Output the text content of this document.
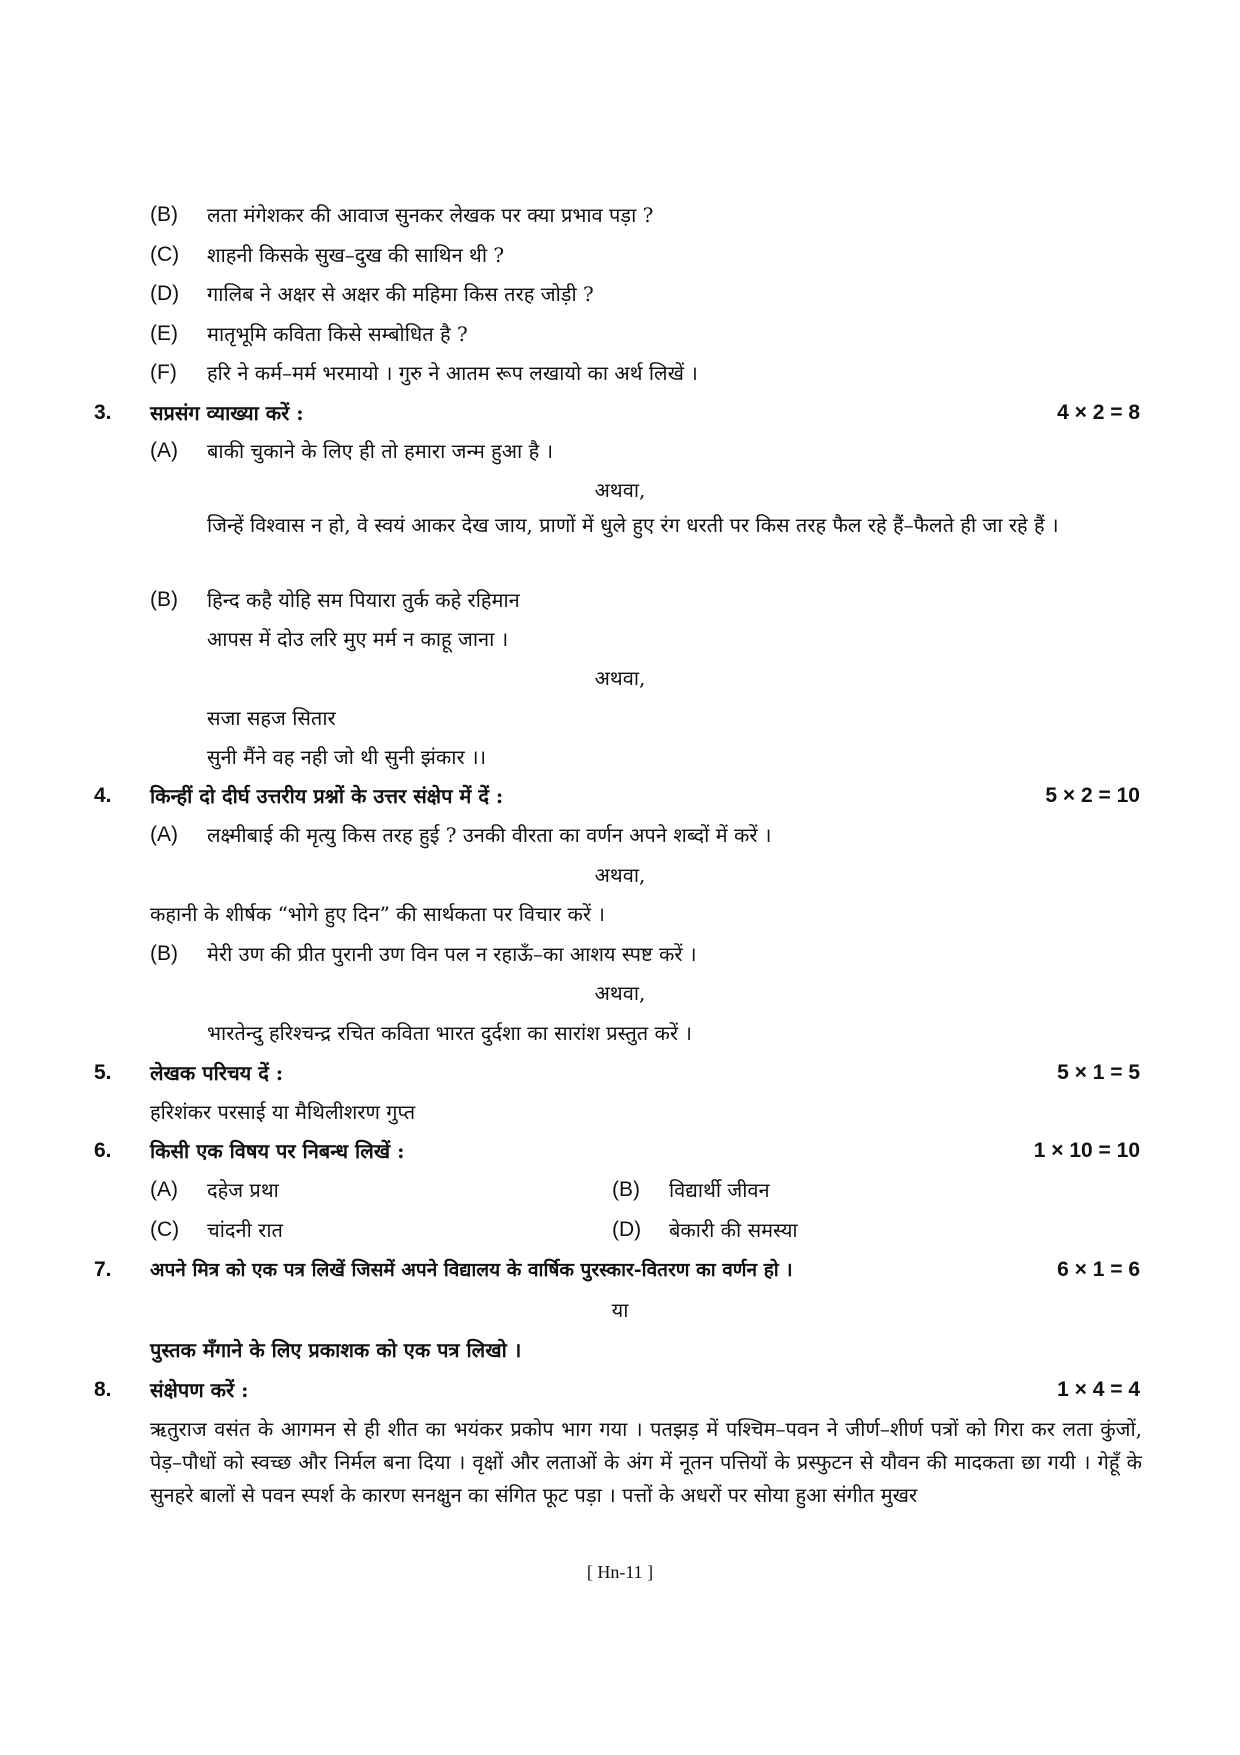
(B) लता मंगेशकर की आवाज सुनकर लेखक पर क्या प्रभाव पड़ा ?
(C) शाहनी किसके सुख–दुख की साथिन थी ?
(D) गालिब ने अक्षर से अक्षर की महिमा किस तरह जोड़ी ?
(E) मातृभूमि कविता किसे सम्बोधित है ?
(F) हरि ने कर्म–मर्म भरमायो । गुरु ने आतम रूप लखायो का अर्थ लिखें ।
3. सप्रसंग व्याख्या करें :	4 × 2 = 8
(A) बाकी चुकाने के लिए ही तो हमारा जन्म हुआ है ।
अथवा,
जिन्हें विश्वास न हो, वे स्वयं आकर देख जाय, प्राणों में धुले हुए रंग धरती पर किस तरह फैल रहे हैं–फैलते ही जा रहे हैं ।
(B) हिन्द कहै योहि सम पियारा तुर्क कहे रहिमान
आपस में दोउ लरि मुए मर्म न काहू जाना ।
अथवा,
सजा सहज सितार
सुनी मैंने वह नही जो थी सुनी झंकार ।।
4. किन्हीं दो दीर्घ उत्तरीय प्रश्नों के उत्तर संक्षेप में दें :	5 × 2 = 10
(A) लक्ष्मीबाई की मृत्यु किस तरह हुई ? उनकी वीरता का वर्णन अपने शब्दों में करें ।
अथवा,
कहानी के शीर्षक “भोगे हुए दिन” की सार्थकता पर विचार करें ।
(B) मेरी उण की प्रीत पुरानी उण विन पल न रहाऊँ–का आशय स्पष्ट करें ।
अथवा,
भारतेन्दु हरिश्चन्द्र रचित कविता भारत दुर्दशा का सारांश प्रस्तुत करें ।
5. लेखक परिचय दें :	5 × 1 = 5
हरिशंकर परसाई या मैथिलीशरण गुप्त
6. किसी एक विषय पर निबन्ध लिखें :	1 × 10 = 10
(A) दहेज प्रथा	(B) विद्यार्थी जीवन
(C) चांदनी रात	(D) बेकारी की समस्या
7. अपने मित्र को एक पत्र लिखें जिसमें अपने विद्यालय के वार्षिक पुरस्कार-वितरण का वर्णन हो ।	6 × 1 = 6
या
पुस्तक मँगाने के लिए प्रकाशक को एक पत्र लिखो ।
8. संक्षेपण करें :	1 × 4 = 4
ऋतुराज वसंत के आगमन से ही शीत का भयंकर प्रकोप भाग गया । पतझड़ में पश्चिम–पवन ने जीर्ण–शीर्ण पत्रों को गिरा कर लता कुंजों, पेड़–पौधों को स्वच्छ और निर्मल बना दिया । वृक्षों और लताओं के अंग में नूतन पत्तियों के प्रस्फुटन से यौवन की मादकता छा गयी । गेहूँ के सुनहरे बालों से पवन स्पर्श के कारण सनक्षुन का संगित फूट पड़ा । पत्तों के अधरों पर सोया हुआ संगीत मुखर
[ Hn-11 ]
